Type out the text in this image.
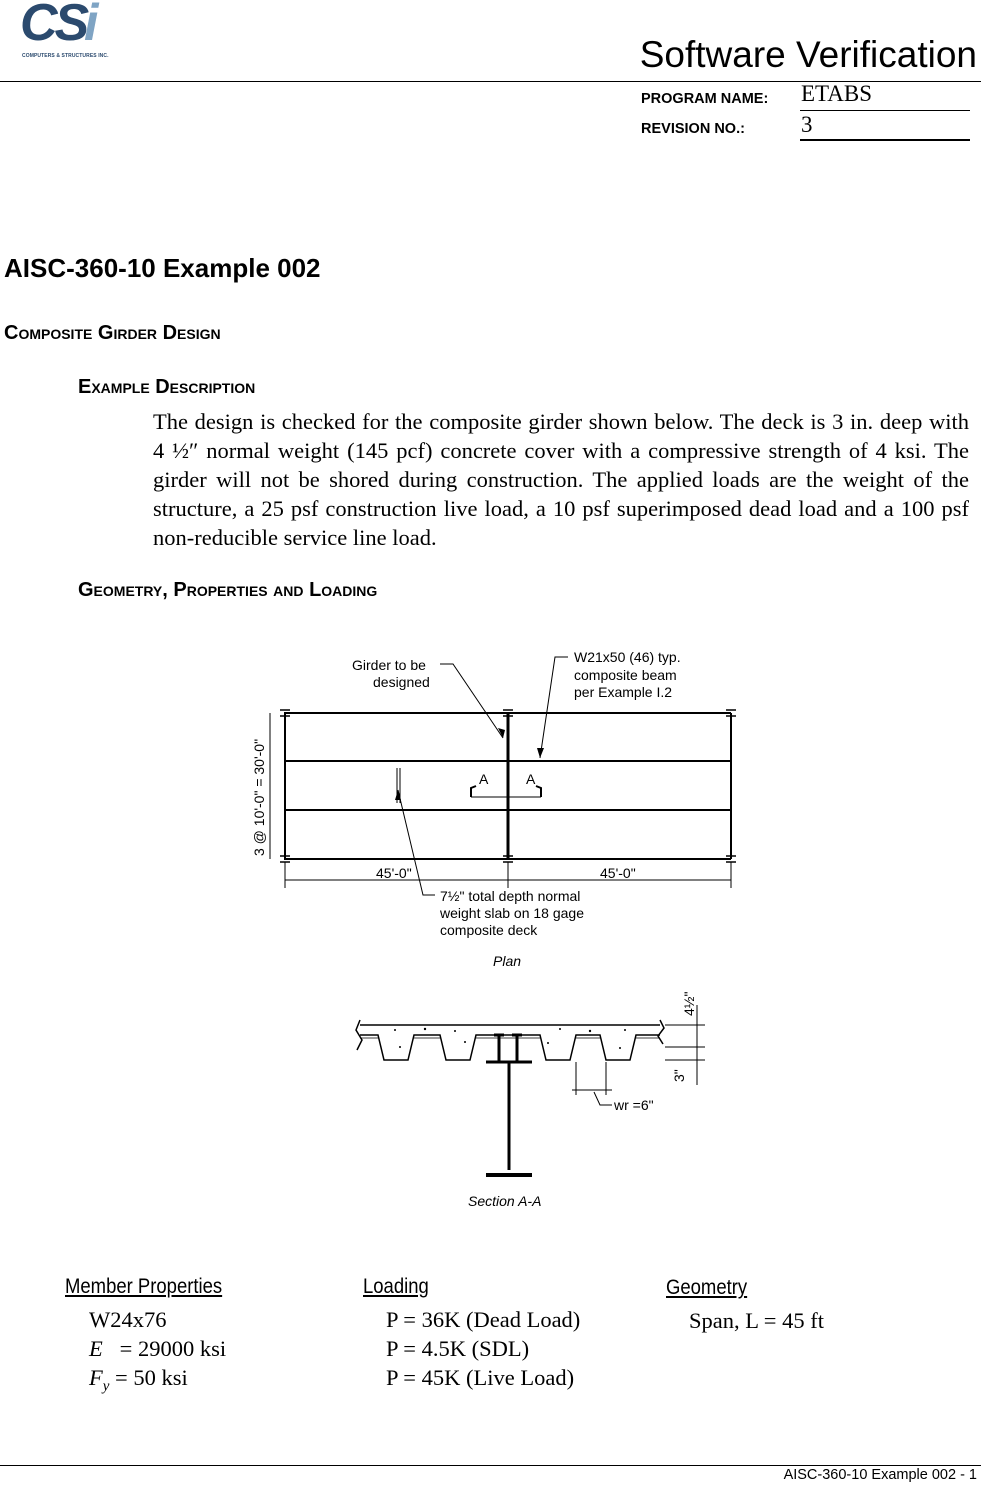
CS
i
COMPUTERS & STRUCTURES INC.	Software Verification
PROGRAM NAME: ETABS
REVISION NO.: 3
AISC-360-10 Example 002
Composite Girder Design
Example Description
The design is checked for the composite girder shown below. The deck is 3 in. deep with 4 ½″ normal weight (145 pcf) concrete cover with a compressive strength of 4 ksi. The girder will not be shored during construction. The applied loads are the weight of the structure, a 25 psf construction live load, a 10 psf superimposed dead load and a 100 psf non-reducible service line load.
Geometry, Properties and Loading
Girder to be
designed
W21x50 (46) typ.
composite beam
per Example I.2
A	A
3 @ 10'-0" = 30'-0"
45'-0"	45'-0"
7½" total depth normal
weight slab on 18 gage
composite deck
Plan
4½"
3"
wr =6"
Section A-A
Member Properties
W24x76
E = 29000 ksi
$F_y = 50$ ksi
Loading
P = 36K (Dead Load)
P = 4.5K (SDL)
P = 45K (Live Load)
Geometry
Span, L = 45 ft
AISC-360-10 Example 002 - 1
